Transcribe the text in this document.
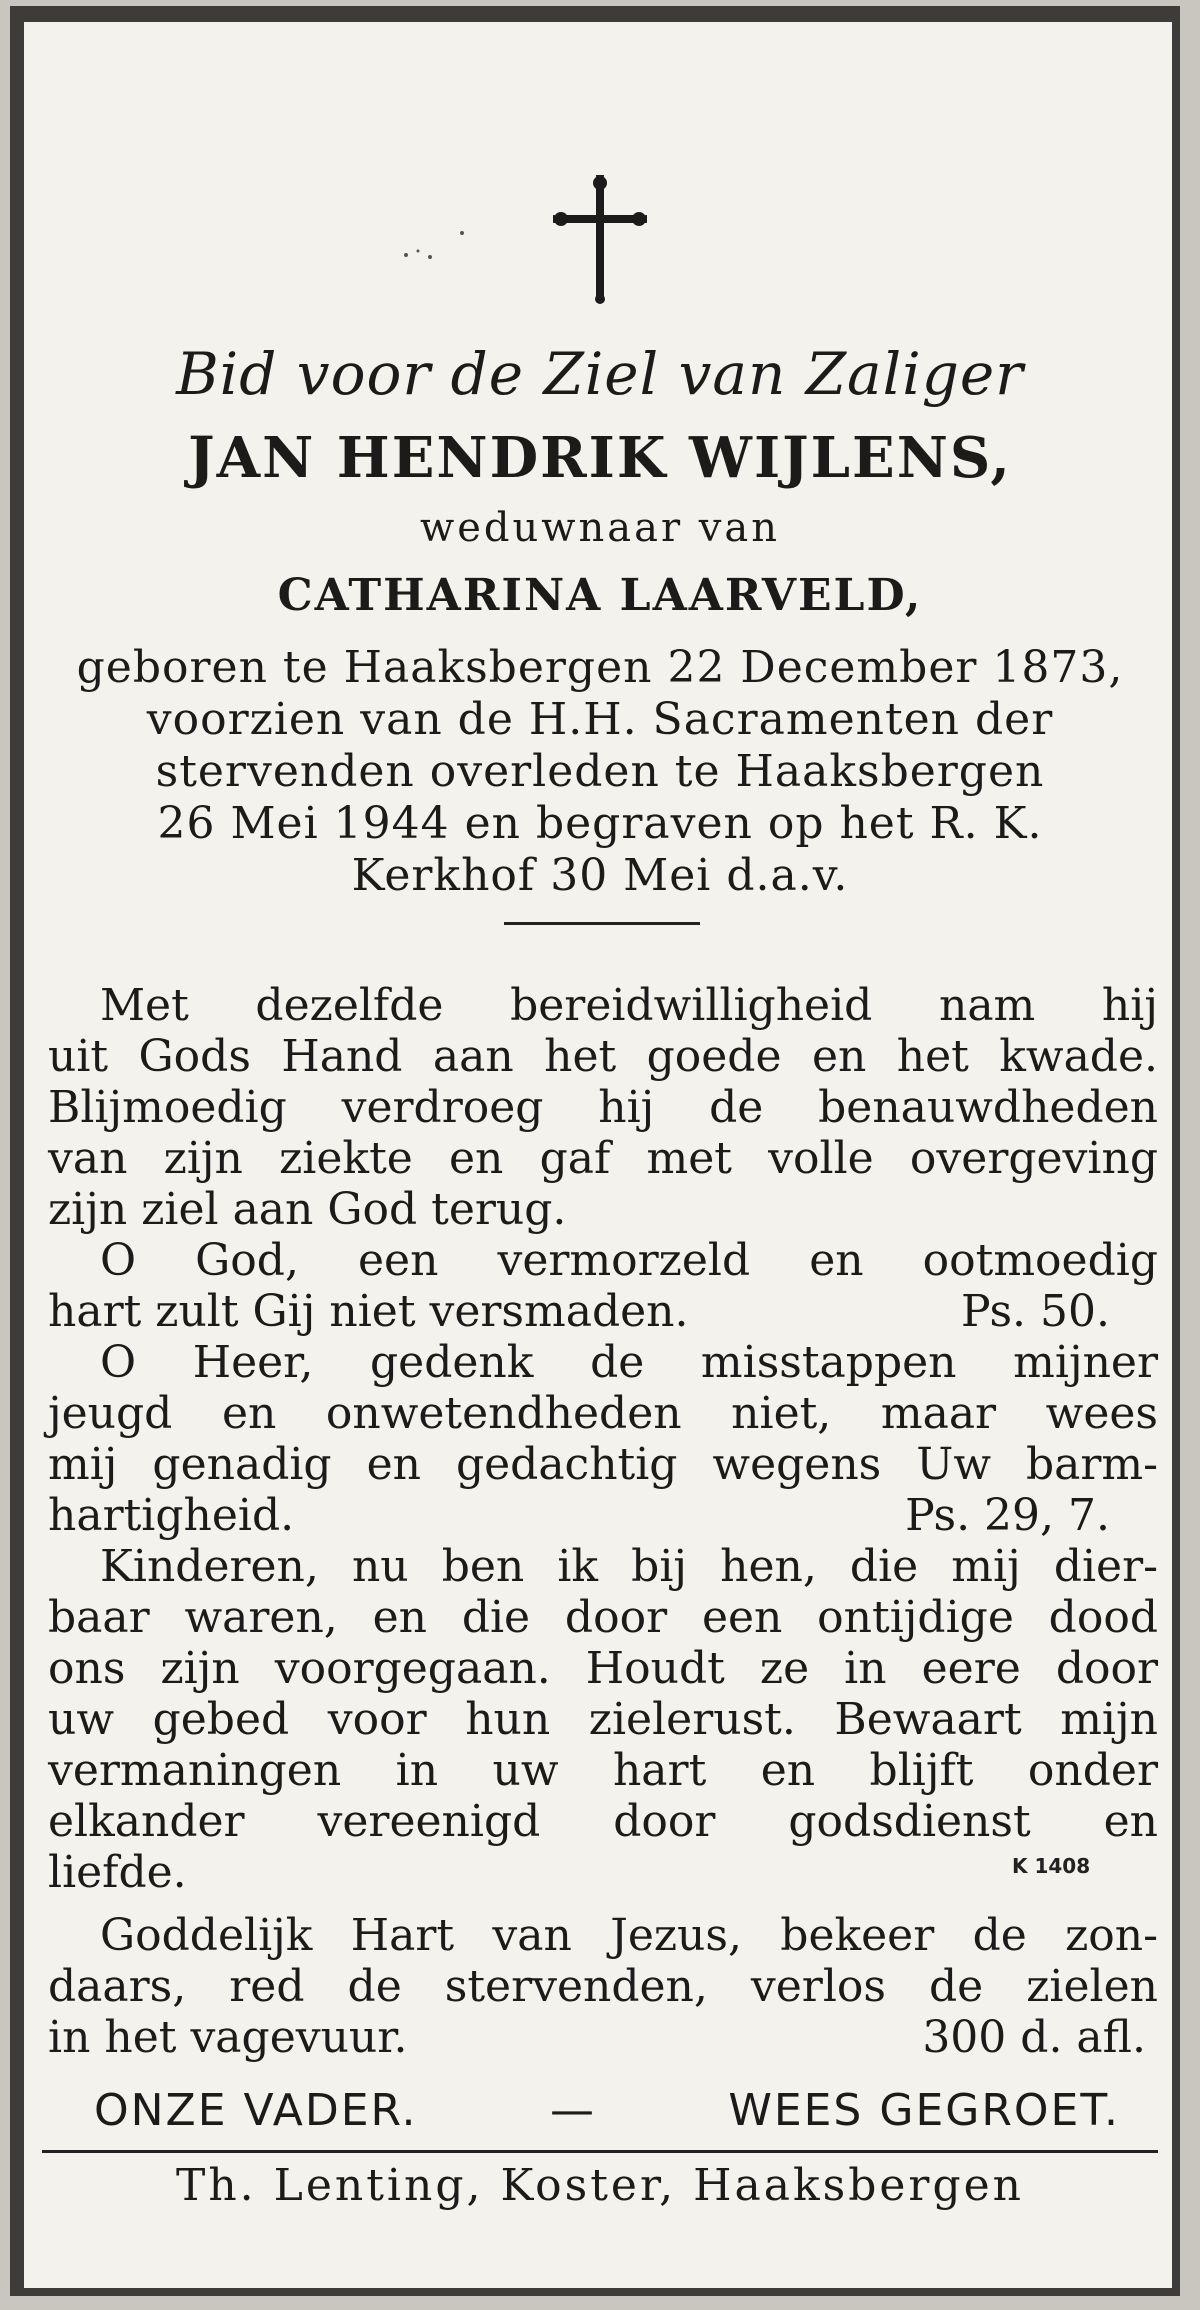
Bid voor de Ziel van Zaliger
JAN HENDRIK WIJLENS,
weduwnaar van
CATHARINA LAARVELD,
geboren te Haaksbergen 22 December 1873,
voorzien van de H.H. Sacramenten der
stervenden overleden te Haaksbergen
26 Mei 1944 en begraven op het R. K.
Kerkhof 30 Mei d.a.v.

Met dezelfde bereidwilligheid nam hij

uit Gods Hand aan het goede en het kwade.

Blijmoedig verdroeg hij de benauwdheden

van zijn ziekte en gaf met volle overgeving

zijn ziel aan God terug.

O God, een vermorzeld en ootmoedig

hart zult Gij niet versmaden.	Ps. 50.

O Heer, gedenk de misstappen mijner

jeugd en onwetendheden niet, maar wees

mij genadig en gedachtig wegens Uw barm-

hartigheid.	Ps. 29, 7.

Kinderen, nu ben ik bij hen, die mij dier-

baar waren, en die door een ontijdige dood

ons zijn voorgegaan. Houdt ze in eere door

uw gebed voor hun zielerust. Bewaart mijn

vermaningen in uw hart en blijft onder

elkander vereenigd door godsdienst en

liefde.	K 1408
Goddelijk Hart van Jezus, bekeer de zon-
daars, red de stervenden, verlos de zielen
in het vagevuur.	300 d. afl.
ONZE VADER.	—	WEES GEGROET.
Th. Lenting, Koster, Haaksbergen
